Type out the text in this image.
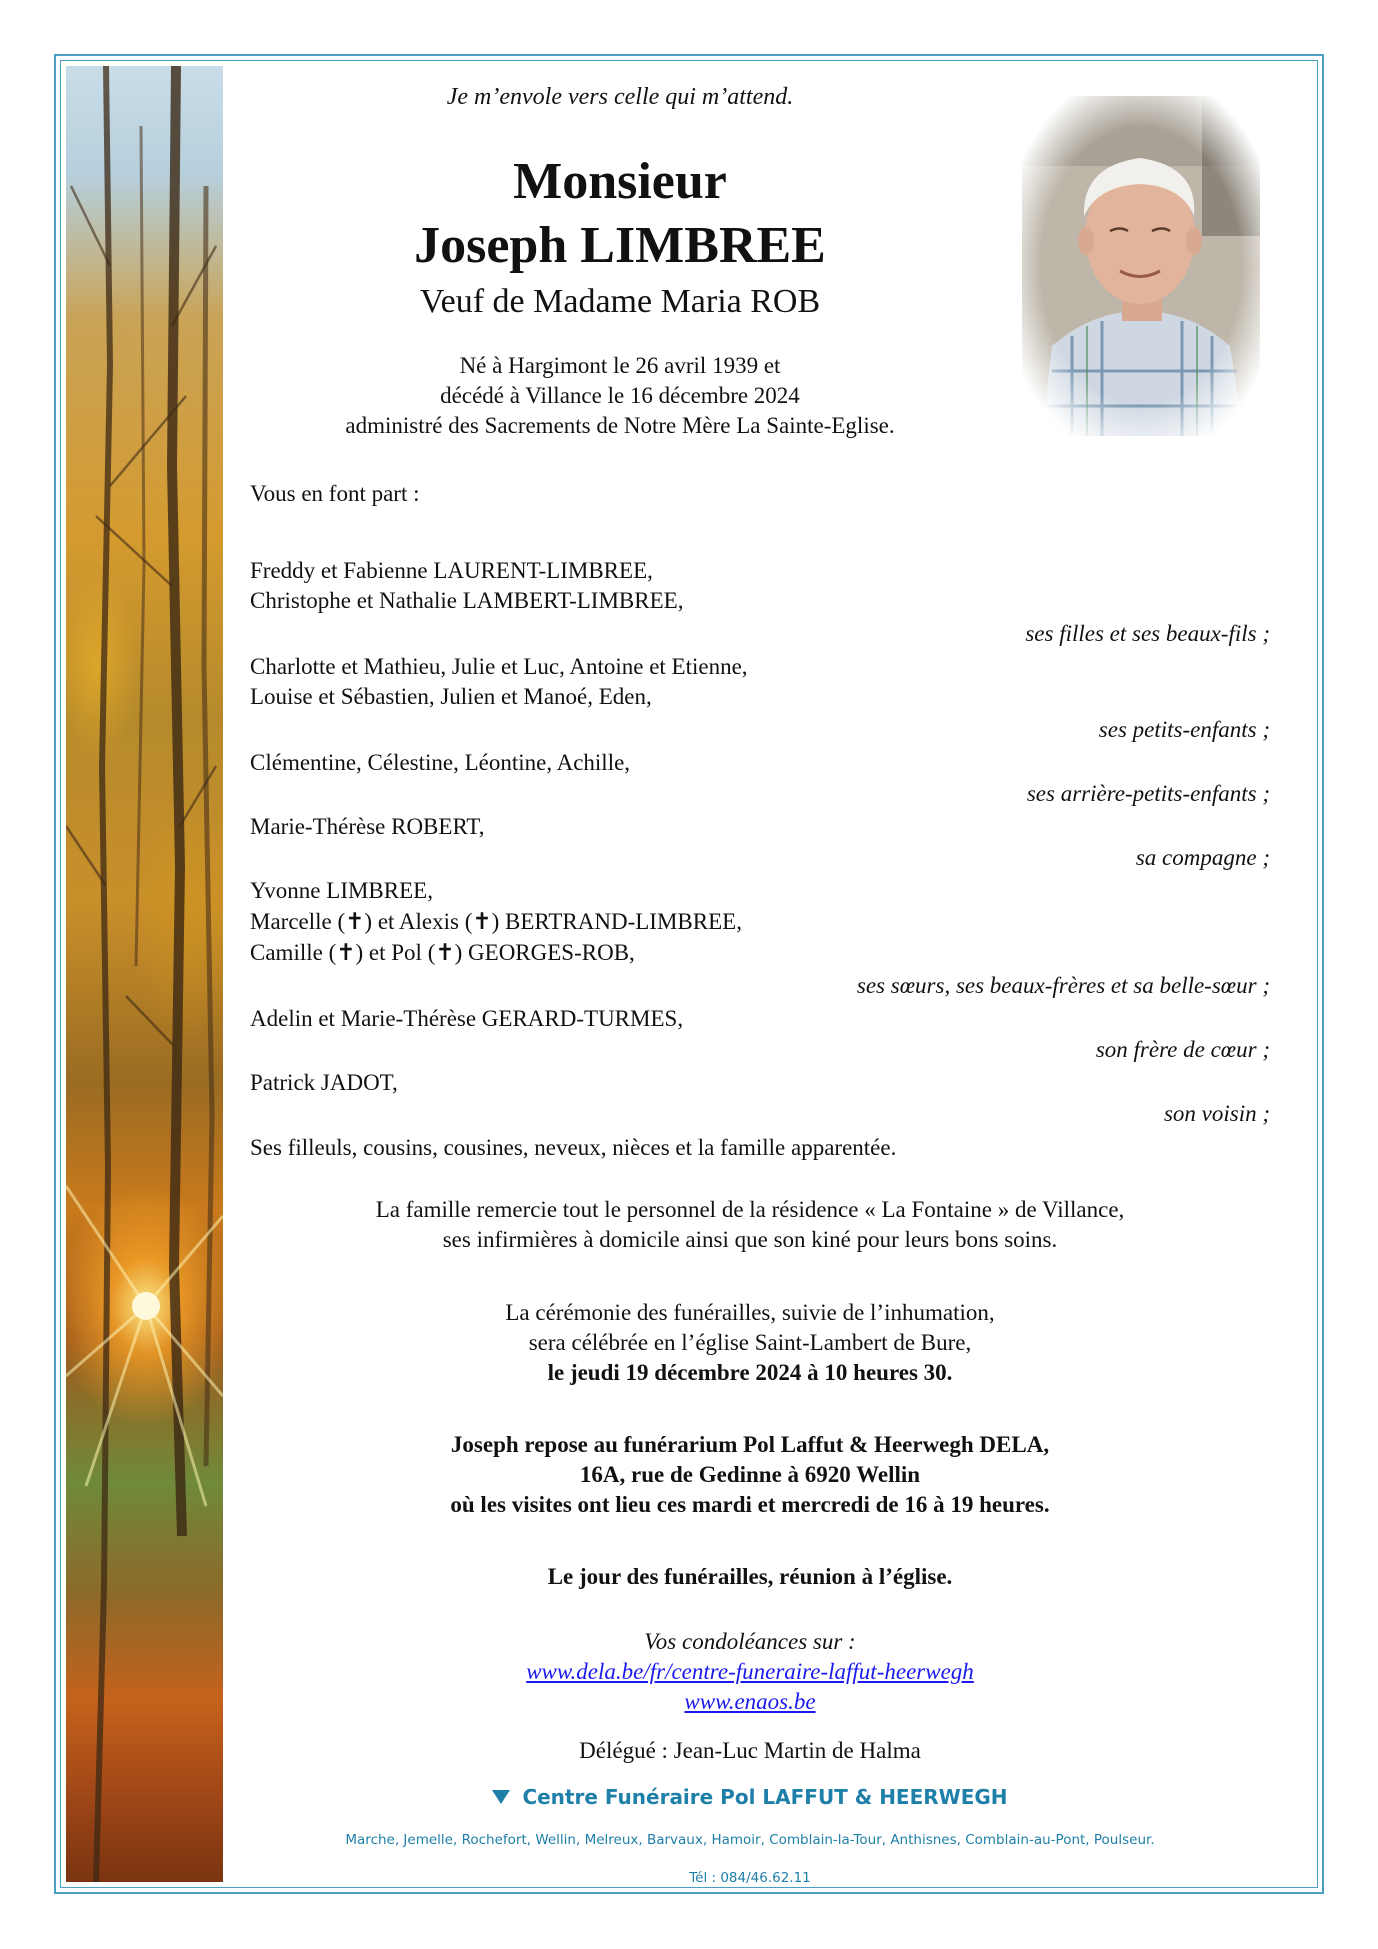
Je m’envole vers celle qui m’attend.
Monsieur
Joseph LIMBREE
Veuf de Madame Maria ROB
Né à Hargimont le 26 avril 1939 et
décédé à Villance le 16 décembre 2024
administré des Sacrements de Notre Mère La Sainte-Eglise.
Vous en font part :
Freddy et Fabienne LAURENT-LIMBREE,
Christophe et Nathalie LAMBERT-LIMBREE,
ses filles et ses beaux-fils ;
Charlotte et Mathieu, Julie et Luc, Antoine et Etienne,
Louise et Sébastien, Julien et Manoé, Eden,
ses petits-enfants ;
Clémentine, Célestine, Léontine, Achille,
ses arrière-petits-enfants ;
Marie-Thérèse ROBERT,
sa compagne ;
Yvonne LIMBREE,
Marcelle (✝) et Alexis (✝) BERTRAND-LIMBREE,
Camille (✝) et Pol (✝) GEORGES-ROB,
ses sœurs, ses beaux-frères et sa belle-sœur ;
Adelin et Marie-Thérèse GERARD-TURMES,
son frère de cœur ;
Patrick JADOT,
son voisin ;
Ses filleuls, cousins, cousines, neveux, nièces et la famille apparentée.
La famille remercie tout le personnel de la résidence « La Fontaine » de Villance,
ses infirmières à domicile ainsi que son kiné pour leurs bons soins.
La cérémonie des funérailles, suivie de l’inhumation,
sera célébrée en l’église Saint-Lambert de Bure,
le jeudi 19 décembre 2024 à 10 heures 30.
Joseph repose au funérarium Pol Laffut & Heerwegh DELA,
16A, rue de Gedinne à 6920 Wellin
où les visites ont lieu ces mardi et mercredi de 16 à 19 heures.
Le jour des funérailles, réunion à l’église.
Vos condoléances sur :
www.dela.be/fr/centre-funeraire-laffut-heerwegh
www.enaos.be
Délégué : Jean-Luc Martin de Halma
Centre Funéraire Pol LAFFUT & HEERWEGH
Marche, Jemelle, Rochefort, Wellin, Melreux, Barvaux, Hamoir, Comblain-la-Tour, Anthisnes, Comblain-au-Pont, Poulseur.
Tél : 084/46.62.11
